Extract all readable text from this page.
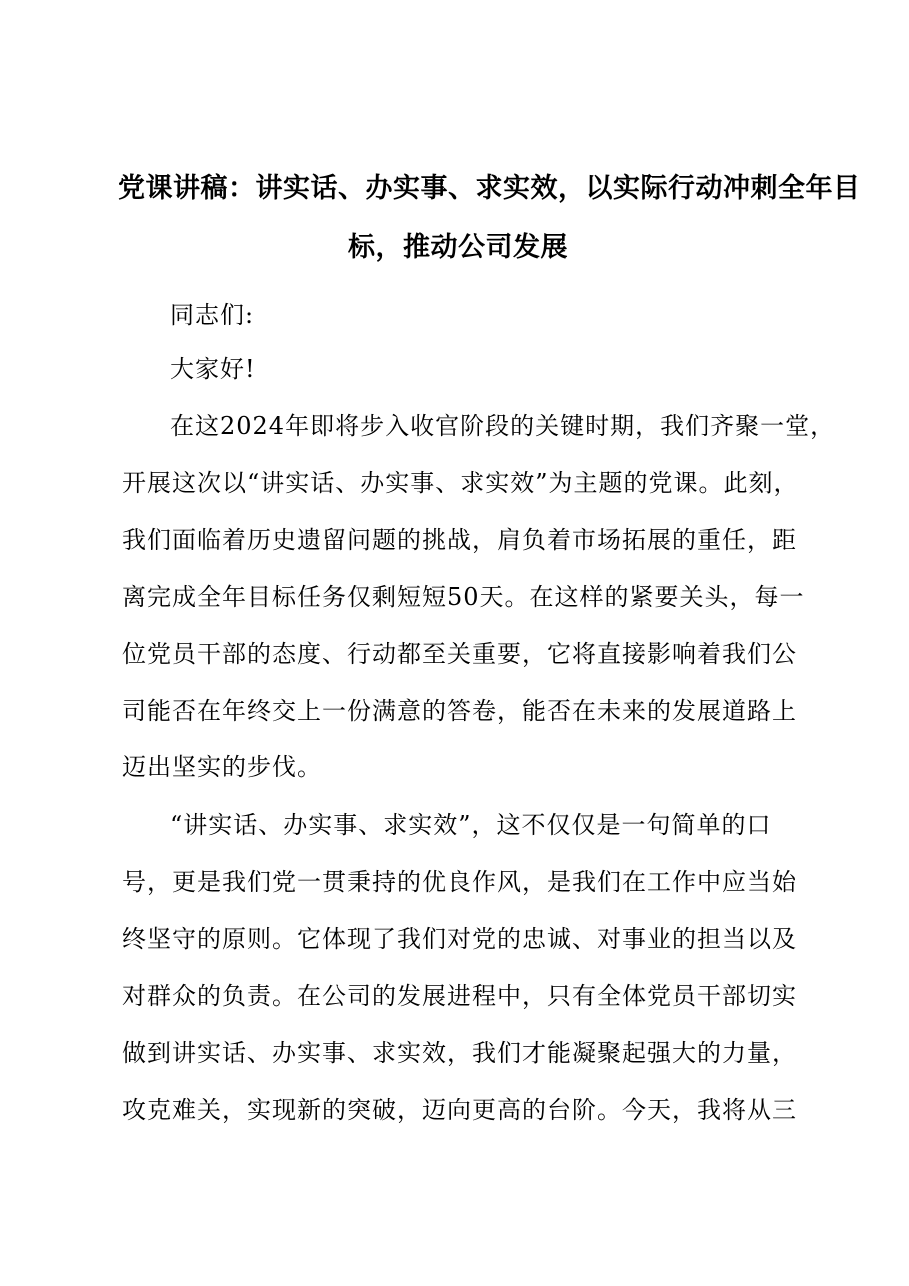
党课讲稿：讲实话、办实事、求实效，以实际行动冲刺全年目
标，推动公司发展
同志们:
大家好!
在这2024年即将步入收官阶段的关键时期，我们齐聚一堂，
开展这次以“讲实话、办实事、求实效”为主题的党课。此刻，
我们面临着历史遗留问题的挑战，肩负着市场拓展的重任，距
离完成全年目标任务仅剩短短50天。在这样的紧要关头，每一
位党员干部的态度、行动都至关重要，它将直接影响着我们公
司能否在年终交上一份满意的答卷，能否在未来的发展道路上
迈出坚实的步伐。
“讲实话、办实事、求实效”，这不仅仅是一句简单的口
号，更是我们党一贯秉持的优良作风，是我们在工作中应当始
终坚守的原则。它体现了我们对党的忠诚、对事业的担当以及
对群众的负责。在公司的发展进程中，只有全体党员干部切实
做到讲实话、办实事、求实效，我们才能凝聚起强大的力量，
攻克难关，实现新的突破，迈向更高的台阶。今天，我将从三
